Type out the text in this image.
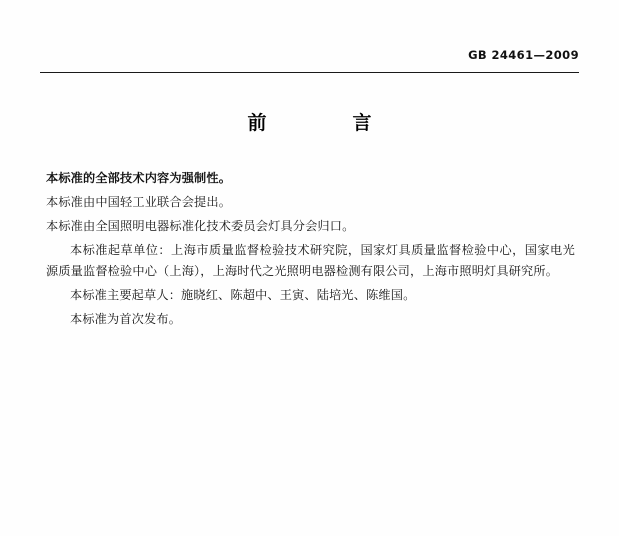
GB 24461—2009
前　　言

本标准的全部技术内容为强制性。

本标准由中国轻工业联合会提出。

本标准由全国照明电器标准化技术委员会灯具分会归口。

本标准起草单位：上海市质量监督检验技术研究院，国家灯具质量监督检验中心，国家电光源质量监督检验中心（上海），上海时代之光照明电器检测有限公司，上海市照明灯具研究所。

本标准主要起草人：施晓红、陈超中、王寅、陆培光、陈维国。

本标准为首次发布。
